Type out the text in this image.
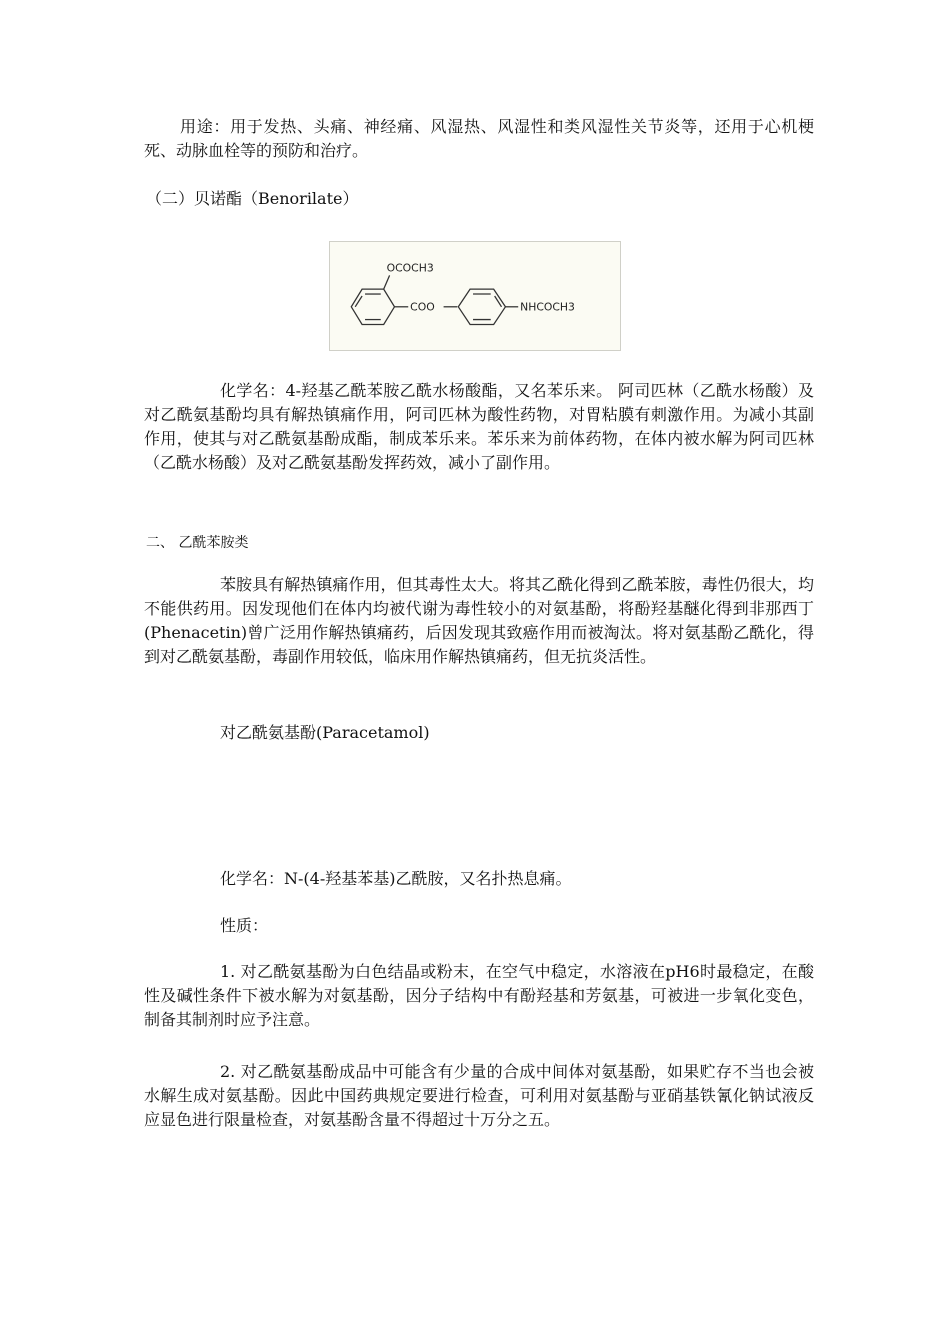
用途：用于发热、头痛、神经痛、风湿热、风湿性和类风湿性关节炎等，还用于心机梗死、动脉血栓等的预防和治疗。

（二）贝诺酯（Benorilate）

OCOCH3
COO	NHCOCH3

化学名：4-羟基乙酰苯胺乙酰水杨酸酯，又名苯乐来。 阿司匹林（乙酰水杨酸）及对乙酰氨基酚均具有解热镇痛作用，阿司匹林为酸性药物，对胃粘膜有刺激作用。为减小其副作用，使其与对乙酰氨基酚成酯，制成苯乐来。苯乐来为前体药物，在体内被水解为阿司匹林（乙酰水杨酸）及对乙酰氨基酚发挥药效，减小了副作用。

二、 乙酰苯胺类

苯胺具有解热镇痛作用，但其毒性太大。将其乙酰化得到乙酰苯胺，毒性仍很大，均不能供药用。因发现他们在体内均被代谢为毒性较小的对氨基酚，将酚羟基醚化得到非那西丁(Phenacetin)曾广泛用作解热镇痛药，后因发现其致癌作用而被淘汰。将对氨基酚乙酰化，得到对乙酰氨基酚，毒副作用较低，临床用作解热镇痛药，但无抗炎活性。

对乙酰氨基酚(Paracetamol)

化学名：N-(4-羟基苯基)乙酰胺，又名扑热息痛。

性质：

1. 对乙酰氨基酚为白色结晶或粉末，在空气中稳定，水溶液在pH6时最稳定，在酸性及碱性条件下被水解为对氨基酚，因分子结构中有酚羟基和芳氨基，可被进一步氧化变色，制备其制剂时应予注意。

2. 对乙酰氨基酚成品中可能含有少量的合成中间体对氨基酚，如果贮存不当也会被水解生成对氨基酚。因此中国药典规定要进行检查，可利用对氨基酚与亚硝基铁氰化钠试液反应显色进行限量检查，对氨基酚含量不得超过十万分之五。
